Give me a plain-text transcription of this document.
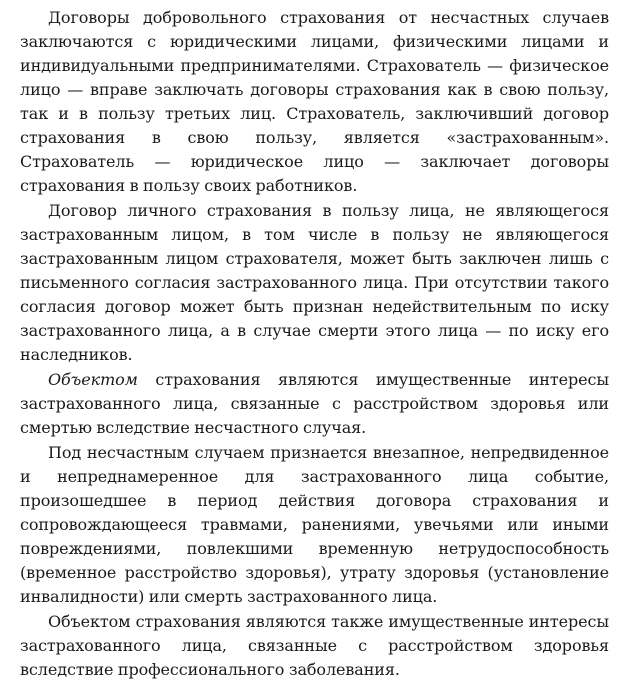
Договоры добровольного страхования от несчастных случаев заключаются с юридическими лицами, физическими лицами и индивидуальными предпринимателями. Страхователь — физическое лицо — вправе заключать договоры страхования как в свою пользу, так и в пользу третьих лиц. Страхователь, заключивший договор страхования в свою пользу, является «застрахованным». Страхователь — юридическое лицо — заключает договоры страхования в пользу своих работников.

Договор личного страхования в пользу лица, не являющегося застрахованным лицом, в том числе в пользу не являющегося застрахованным лицом страхователя, может быть заключен лишь с письменного согласия застрахованного лица. При отсутствии такого согласия договор может быть признан недействительным по иску застрахованного лица, а в случае смерти этого лица — по иску его наследников.

Объектом страхования являются имущественные интересы застрахованного лица, связанные с расстройством здоровья или смертью вследствие несчастного случая.

Под несчастным случаем признается внезапное, непредвиденное и непреднамеренное для застрахованного лица событие, произошедшее в период действия договора страхования и сопровождающееся травмами, ранениями, увечьями или иными повреждениями, повлекшими временную нетрудоспособность (временное расстройство здоровья), утрату здоровья (установление инвалидности) или смерть застрахованного лица.

Объектом страхования являются также имущественные интересы застрахованного лица, связанные с расстройством здоровья вследствие профессионального заболевания.
